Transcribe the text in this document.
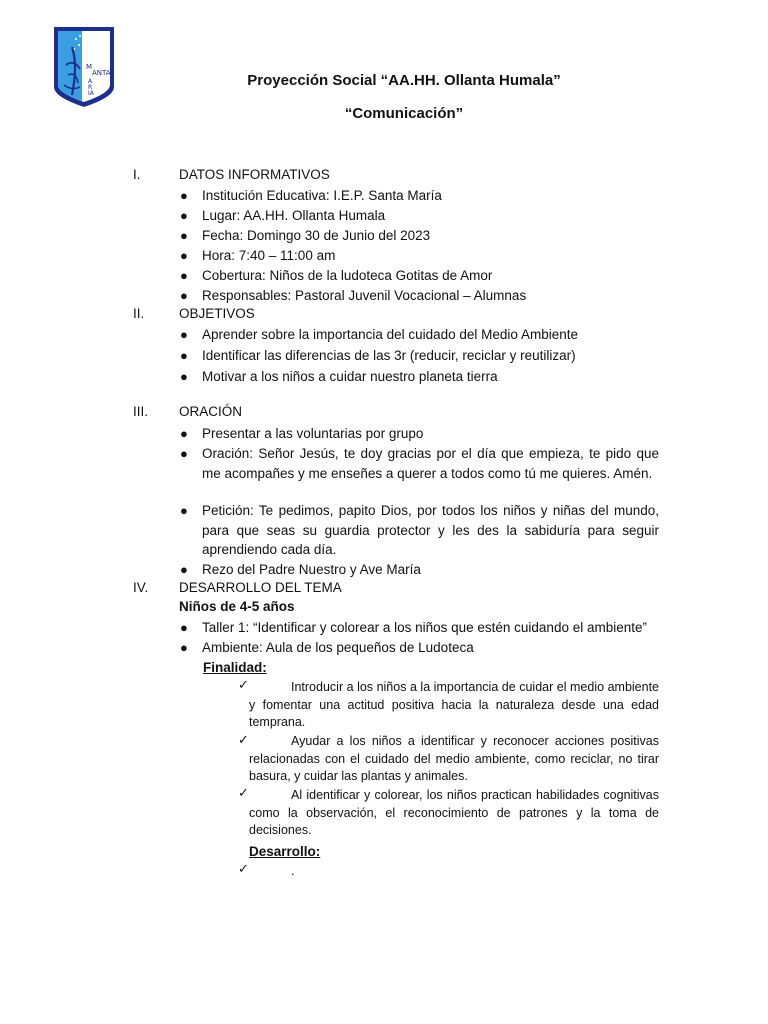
M
ANTA
A
R
IA
Proyección Social “AA.HH. Ollanta Humala”
“Comunicación”
I.	DATOS INFORMATIVOS
● Institución Educativa: I.E.P. Santa María
● Lugar: AA.HH. Ollanta Humala
● Fecha: Domingo 30 de Junio del 2023
● Hora: 7:40 – 11:00 am
● Cobertura: Niños de la ludoteca Gotitas de Amor
● Responsables: Pastoral Juvenil Vocacional – Alumnas
II.	OBJETIVOS
● Aprender sobre la importancia del cuidado del Medio Ambiente
● Identificar las diferencias de las 3r (reducir, reciclar y reutilizar)
● Motivar a los niños a cuidar nuestro planeta tierra
III. ORACIÓN
● Presentar a las voluntarias por grupo
● Oración: Señor Jesús, te doy gracias por el día que empieza, te pido que me acompañes y me enseñes a querer a todos como tú me quieres. Amén.
● Petición: Te pedimos, papito Dios, por todos los niños y niñas del mundo, para que seas su guardia protector y les des la sabiduría para seguir aprendiendo cada día.
● Rezo del Padre Nuestro y Ave María
IV. DESARROLLO DEL TEMA
Niños de 4-5 años
● Taller 1: “Identificar y colorear a los niños que estén cuidando el ambiente”
● Ambiente: Aula de los pequeños de Ludoteca
Finalidad:
✓	Introducir a los niños a la importancia de cuidar el medio ambiente y fomentar una actitud positiva hacia la naturaleza desde una edad temprana.
✓	Ayudar a los niños a identificar y reconocer acciones positivas relacionadas con el cuidado del medio ambiente, como reciclar, no tirar basura, y cuidar las plantas y animales.
✓	Al identificar y colorear, los niños practican habilidades cognitivas como la observación, el reconocimiento de patrones y la toma de decisiones.
Desarrollo:
✓	.
